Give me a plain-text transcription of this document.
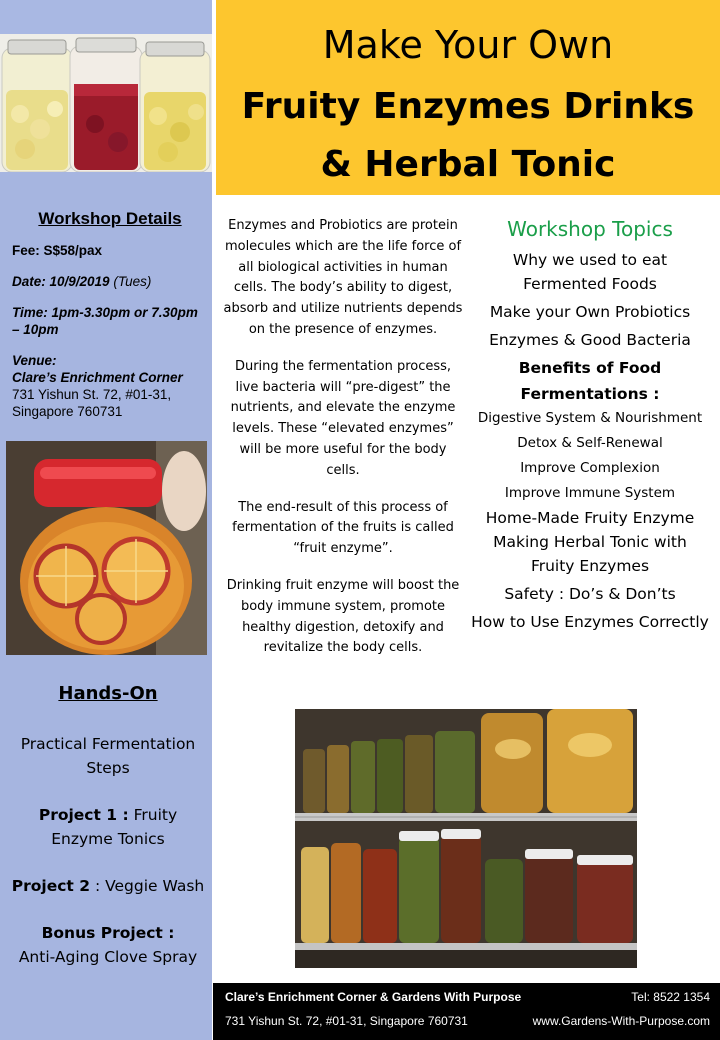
Workshop Details
Fee: S$58/pax
Date: 10/9/2019 (Tues)
Time: 1pm-3.30pm or 7.30pm – 10pm
Venue:
Clare’s Enrichment Corner
731 Yishun St. 72, #01-31,
Singapore 760731
Hands-On
Practical Fermentation Steps
Project 1 : Fruity Enzyme Tonics
Project 2 : Veggie Wash
Bonus Project :
Anti-Aging Clove Spray
Make Your Own
Fruity Enzymes Drinks
& Herbal Tonic

Enzymes and Probiotics are protein molecules which are the life force of all biological activities in human cells. The body’s ability to digest, absorb and utilize nutrients depends on the presence of enzymes.

During the fermentation process, live bacteria will “pre-digest” the nutrients, and elevate the enzyme levels. These “elevated enzymes” will be more useful for the body cells.

The end-result of this process of fermentation of the fruits is called “fruit enzyme”.

Drinking fruit enzyme will boost the body immune system, promote healthy digestion, detoxify and revitalize the body cells.

Workshop Topics
Why we used to eat
Fermented Foods
Make your Own Probiotics
Enzymes & Good Bacteria
Benefits of Food
Fermentations :
Digestive System & Nourishment
Detox & Self-Renewal
Improve Complexion
Improve Immune System
Home-Made Fruity Enzyme
Making Herbal Tonic with
Fruity Enzymes
Safety : Do’s & Don’ts
How to Use Enzymes Correctly
Clare’s Enrichment Corner & Gardens With Purpose	Tel: 8522 1354
731 Yishun St. 72, #01-31, Singapore 760731	www.Gardens-With-Purpose.com
